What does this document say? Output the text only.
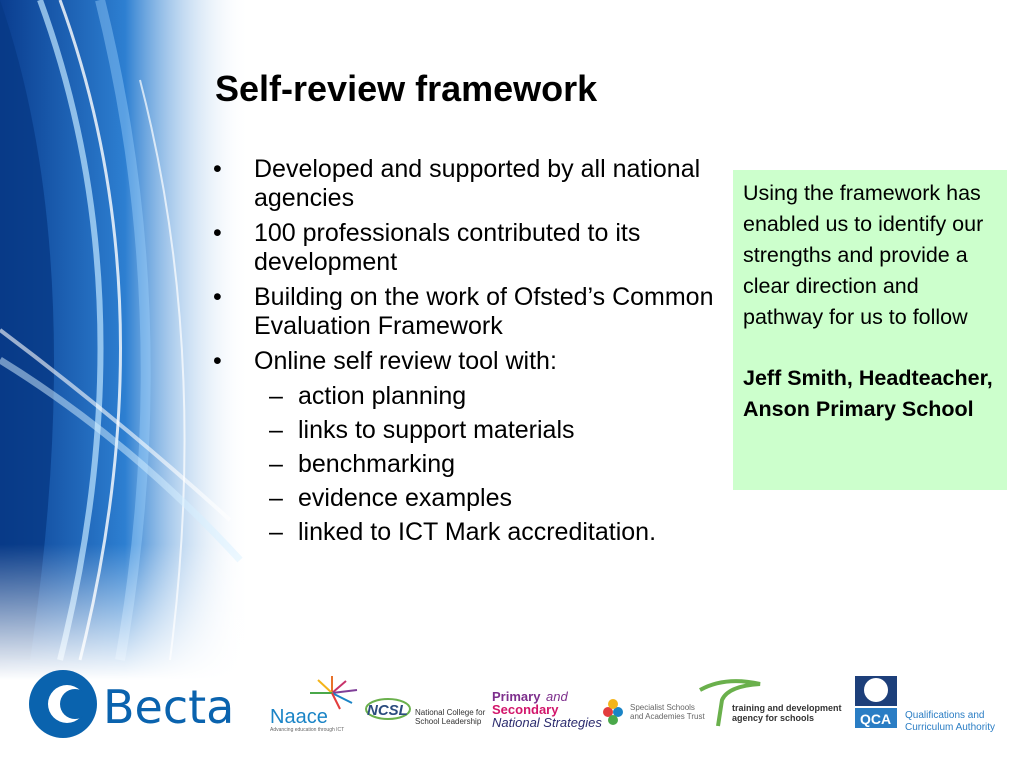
Self-review framework
• Developed and supported by all national agencies
• 100 professionals contributed to its development
• Building on the work of Ofsted’s Common Evaluation Framework
• Online self review tool with:
– action planning
– links to support materials
– benchmarking
– evidence examples
– linked to ICT Mark accreditation.
Using the framework has enabled us to identify our strengths and provide a clear direction and pathway for us to follow
Jeff Smith, Headteacher, Anson Primary School
Becta Naace
Advancing education through ICT
NCSL National College for School Leadership
Primary and
Secondary
National Strategies
Specialist Schools and Academies Trust
training and development agency for schools	QCA Qualifications and
Curriculum Authority
